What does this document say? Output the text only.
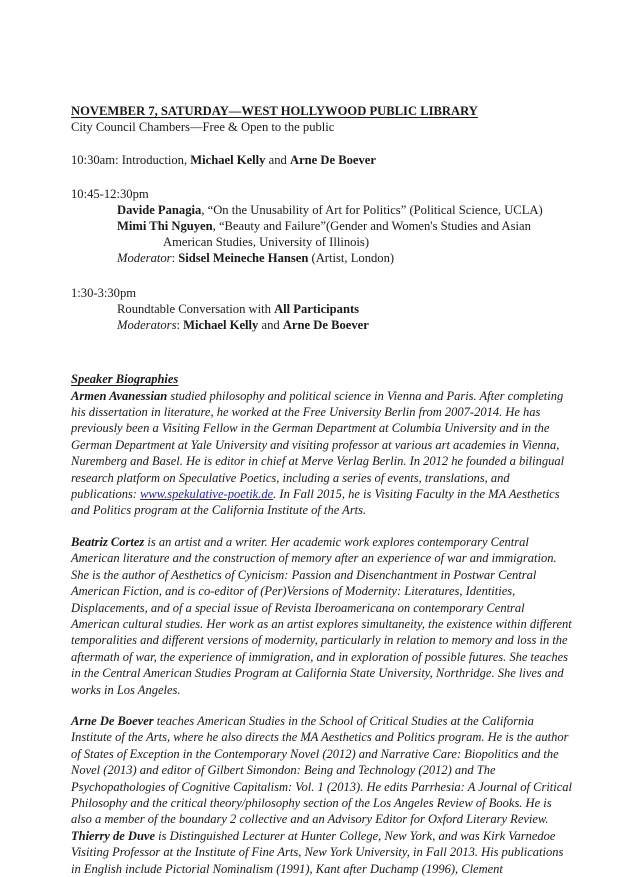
NOVEMBER 7, SATURDAY—WEST HOLLYWOOD PUBLIC LIBRARY
City Council Chambers—Free & Open to the public
10:30am: Introduction, Michael Kelly and Arne De Boever
10:45-12:30pm
Davide Panagia, “On the Unusability of Art for Politics” (Political Science, UCLA)
Mimi Thi Nguyen, “Beauty and Failure”(Gender and Women's Studies and Asian
American Studies, University of Illinois)
Moderator: Sidsel Meineche Hansen (Artist, London)
1:30-3:30pm
Roundtable Conversation with All Participants
Moderators: Michael Kelly and Arne De Boever
Speaker Biographies

Armen Avanessian studied philosophy and political science in Vienna and Paris. After completing his dissertation in literature, he worked at the Free University Berlin from 2007-2014. He has previously been a Visiting Fellow in the German Department at Columbia University and in the German Department at Yale University and visiting professor at various art academies in Vienna, Nuremberg and Basel. He is editor in chief at Merve Verlag Berlin. In 2012 he founded a bilingual research platform on Speculative Poetics, including a series of events, translations, and publications: www.spekulative-poetik.de. In Fall 2015, he is Visiting Faculty in the MA Aesthetics and Politics program at the California Institute of the Arts.

Beatriz Cortez is an artist and a writer. Her academic work explores contemporary Central American literature and the construction of memory after an experience of war and immigration. She is the author of Aesthetics of Cynicism: Passion and Disenchantment in Postwar Central American Fiction, and is co-editor of (Per)Versions of Modernity: Literatures, Identities, Displacements, and of a special issue of Revista Iberoamericana on contemporary Central American cultural studies. Her work as an artist explores simultaneity, the existence within different temporalities and different versions of modernity, particularly in relation to memory and loss in the aftermath of war, the experience of immigration, and in exploration of possible futures. She teaches in the Central American Studies Program at California State University, Northridge. She lives and works in Los Angeles.

Arne De Boever teaches American Studies in the School of Critical Studies at the California Institute of the Arts, where he also directs the MA Aesthetics and Politics program. He is the author of States of Exception in the Contemporary Novel (2012) and Narrative Care: Biopolitics and the Novel (2013) and editor of Gilbert Simondon: Being and Technology (2012) and The Psychopathologies of Cognitive Capitalism: Vol. 1 (2013). He edits Parrhesia: A Journal of Critical Philosophy and the critical theory/philosophy section of the Los Angeles Review of Books. He is also a member of the boundary 2 collective and an Advisory Editor for Oxford Literary Review. Thierry de Duve is Distinguished Lecturer at Hunter College, New York, and was Kirk Varnedoe Visiting Professor at the Institute of Fine Arts, New York University, in Fall 2013. His publications in English include Pictorial Nominalism (1991), Kant after Duchamp (1996), Clement
